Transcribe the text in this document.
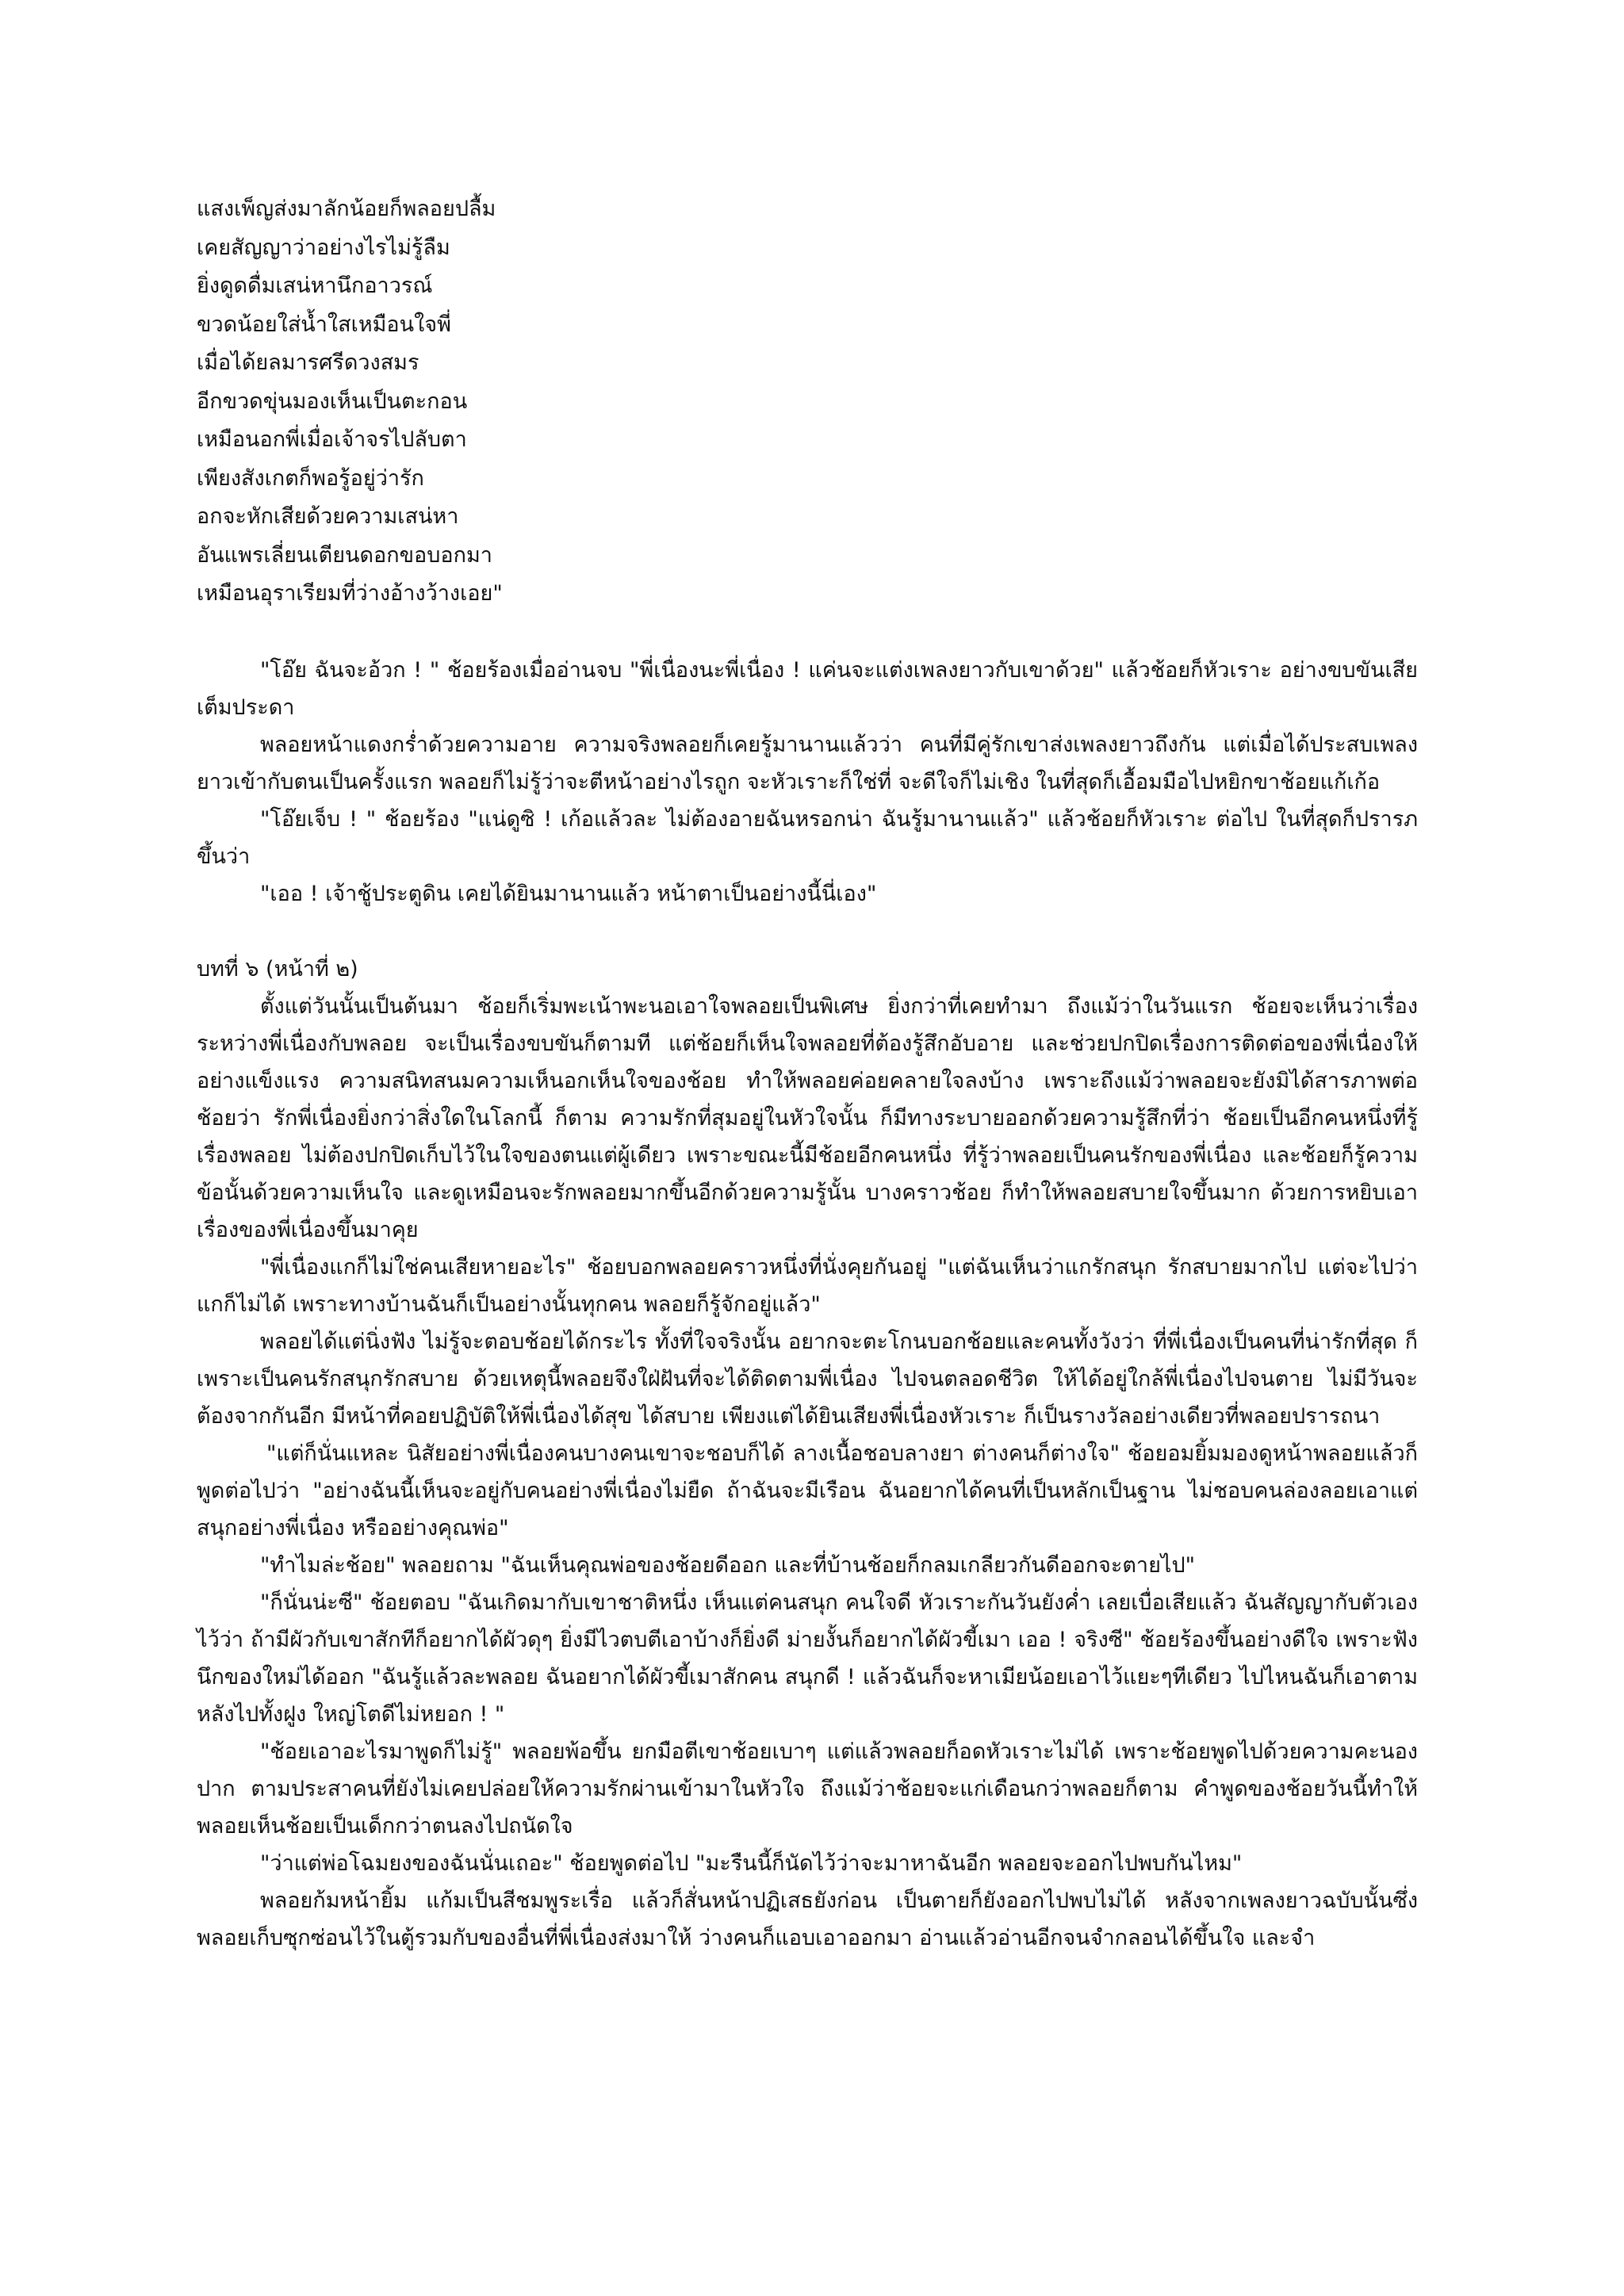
แสงเพ็ญส่งมาลักน้อยก็พลอยปลื้ม
เคยสัญญาว่าอย่างไรไม่รู้ลืม
ยิ่งดูดดื่มเสน่หานึกอาวรณ์
ขวดน้อยใส่น้ำใสเหมือนใจพี่
เมื่อได้ยลมารศรีดวงสมร
อีกขวดขุ่นมองเห็นเป็นตะกอน
เหมือนอกพี่เมื่อเจ้าจรไปลับตา
เพียงสังเกตก็พอรู้อยู่ว่ารัก
อกจะหักเสียด้วยความเสน่หา
อันแพรเลี่ยนเตียนดอกขอบอกมา
เหมือนอุราเรียมที่ว่างอ้างว้างเอย"

"โอ๊ย ฉันจะอ้วก ! " ช้อยร้องเมื่ออ่านจบ "พี่เนื่องนะพี่เนื่อง ! แค่นจะแต่งเพลงยาวกับเขาด้วย" แล้วช้อยก็หัวเราะ อย่างขบขันเสียเต็มประดา

พลอยหน้าแดงกร่ำด้วยความอาย ความจริงพลอยก็เคยรู้มานานแล้วว่า คนที่มีคู่รักเขาส่งเพลงยาวถึงกัน แต่เมื่อได้ประสบเพลงยาวเข้ากับตนเป็นครั้งแรก พลอยก็ไม่รู้ว่าจะตีหน้าอย่างไรถูก จะหัวเราะก็ใช่ที่ จะดีใจก็ไม่เชิง ในที่สุดก็เอื้อมมือไปหยิกขาช้อยแก้เก้อ

"โอ๊ยเจ็บ ! " ช้อยร้อง "แน่ดูซิ ! เก้อแล้วละ ไม่ต้องอายฉันหรอกน่า ฉันรู้มานานแล้ว" แล้วช้อยก็หัวเราะ ต่อไป ในที่สุดก็ปรารภขึ้นว่า

"เออ ! เจ้าชู้ประตูดิน เคยได้ยินมานานแล้ว หน้าตาเป็นอย่างนี้นี่เอง"

บทที่ ๖ (หน้าที่ ๒)

ตั้งแต่วันนั้นเป็นต้นมา ช้อยก็เริ่มพะเน้าพะนอเอาใจพลอยเป็นพิเศษ ยิ่งกว่าที่เคยทำมา ถึงแม้ว่าในวันแรก ช้อยจะเห็นว่าเรื่องระหว่างพี่เนื่องกับพลอย จะเป็นเรื่องขบขันก็ตามที แต่ช้อยก็เห็นใจพลอยที่ต้องรู้สึกอับอาย และช่วยปกปิดเรื่องการติดต่อของพี่เนื่องให้อย่างแข็งแรง ความสนิทสนมความเห็นอกเห็นใจของช้อย ทำให้พลอยค่อยคลายใจลงบ้าง เพราะถึงแม้ว่าพลอยจะยังมิได้สารภาพต่อช้อยว่า รักพี่เนื่องยิ่งกว่าสิ่งใดในโลกนี้ ก็ตาม ความรักที่สุมอยู่ในหัวใจนั้น ก็มีทางระบายออกด้วยความรู้สึกที่ว่า ช้อยเป็นอีกคนหนึ่งที่รู้เรื่องพลอย ไม่ต้องปกปิดเก็บไว้ในใจของตนแต่ผู้เดียว เพราะขณะนี้มีช้อยอีกคนหนึ่ง ที่รู้ว่าพลอยเป็นคนรักของพี่เนื่อง และช้อยก็รู้ความข้อนั้นด้วยความเห็นใจ และดูเหมือนจะรักพลอยมากขึ้นอีกด้วยความรู้นั้น บางคราวช้อย ก็ทำให้พลอยสบายใจขึ้นมาก ด้วยการหยิบเอาเรื่องของพี่เนื่องขึ้นมาคุย

"พี่เนื่องแกก็ไม่ใช่คนเสียหายอะไร" ช้อยบอกพลอยคราวหนึ่งที่นั่งคุยกันอยู่ "แต่ฉันเห็นว่าแกรักสนุก รักสบายมากไป แต่จะไปว่าแกก็ไม่ได้ เพราะทางบ้านฉันก็เป็นอย่างนั้นทุกคน พลอยก็รู้จักอยู่แล้ว"

พลอยได้แต่นิ่งฟัง ไม่รู้จะตอบช้อยได้กระไร ทั้งที่ใจจริงนั้น อยากจะตะโกนบอกช้อยและคนทั้งวังว่า ที่พี่เนื่องเป็นคนที่น่ารักที่สุด ก็เพราะเป็นคนรักสนุกรักสบาย ด้วยเหตุนี้พลอยจึงใฝ่ฝันที่จะได้ติดตามพี่เนื่อง ไปจนตลอดชีวิต ให้ได้อยู่ใกล้พี่เนื่องไปจนตาย ไม่มีวันจะต้องจากกันอีก มีหน้าที่คอยปฏิบัติให้พี่เนื่องได้สุข ได้สบาย เพียงแต่ได้ยินเสียงพี่เนื่องหัวเราะ ก็เป็นรางวัลอย่างเดียวที่พลอยปรารถนา

"แต่ก็นั่นแหละ นิสัยอย่างพี่เนื่องคนบางคนเขาจะชอบก็ได้ ลางเนื้อชอบลางยา ต่างคนก็ต่างใจ" ช้อยอมยิ้มมองดูหน้าพลอยแล้วก็พูดต่อไปว่า "อย่างฉันนี้เห็นจะอยู่กับคนอย่างพี่เนื่องไม่ยืด ถ้าฉันจะมีเรือน ฉันอยากได้คนที่เป็นหลักเป็นฐาน ไม่ชอบคนล่องลอยเอาแต่สนุกอย่างพี่เนื่อง หรืออย่างคุณพ่อ"

"ทำไมล่ะช้อย" พลอยถาม "ฉันเห็นคุณพ่อของช้อยดีออก และที่บ้านช้อยก็กลมเกลียวกันดีออกจะตายไป"

"ก็นั่นน่ะซี" ช้อยตอบ "ฉันเกิดมากับเขาชาติหนึ่ง เห็นแต่คนสนุก คนใจดี หัวเราะกันวันยังค่ำ เลยเบื่อเสียแล้ว ฉันสัญญากับตัวเองไว้ว่า ถ้ามีผัวกับเขาสักทีก็อยากได้ผัวดุๆ ยิ่งมีไวตบตีเอาบ้างก็ยิ่งดี ม่ายงั้นก็อยากได้ผัวขี้เมา เออ ! จริงซี" ช้อยร้องขึ้นอย่างดีใจ เพราะฟังนึกของใหม่ได้ออก "ฉันรู้แล้วละพลอย ฉันอยากได้ผัวขี้เมาสักคน สนุกดี ! แล้วฉันก็จะหาเมียน้อยเอาไว้แยะๆทีเดียว ไปไหนฉันก็เอาตามหลังไปทั้งฝูง ใหญ่โตดีไม่หยอก ! "

"ช้อยเอาอะไรมาพูดก็ไม่รู้" พลอยพ้อขึ้น ยกมือตีเขาช้อยเบาๆ แต่แล้วพลอยก็อดหัวเราะไม่ได้ เพราะช้อยพูดไปด้วยความคะนองปาก ตามประสาคนที่ยังไม่เคยปล่อยให้ความรักผ่านเข้ามาในหัวใจ ถึงแม้ว่าช้อยจะแก่เดือนกว่าพลอยก็ตาม คำพูดของช้อยวันนี้ทำให้พลอยเห็นช้อยเป็นเด็กกว่าตนลงไปถนัดใจ

"ว่าแต่พ่อโฉมยงของฉันนั่นเถอะ" ช้อยพูดต่อไป "มะรืนนี้ก็นัดไว้ว่าจะมาหาฉันอีก พลอยจะออกไปพบกันไหม"

พลอยก้มหน้ายิ้ม แก้มเป็นสีชมพูระเรื่อ แล้วก็สั่นหน้าปฏิเสธยังก่อน เป็นตายก็ยังออกไปพบไม่ได้ หลังจากเพลงยาวฉบับนั้นซึ่งพลอยเก็บซุกซ่อนไว้ในตู้รวมกับของอื่นที่พี่เนื่องส่งมาให้ ว่างคนก็แอบเอาออกมา อ่านแล้วอ่านอีกจนจำกลอนได้ขึ้นใจ และจำ
